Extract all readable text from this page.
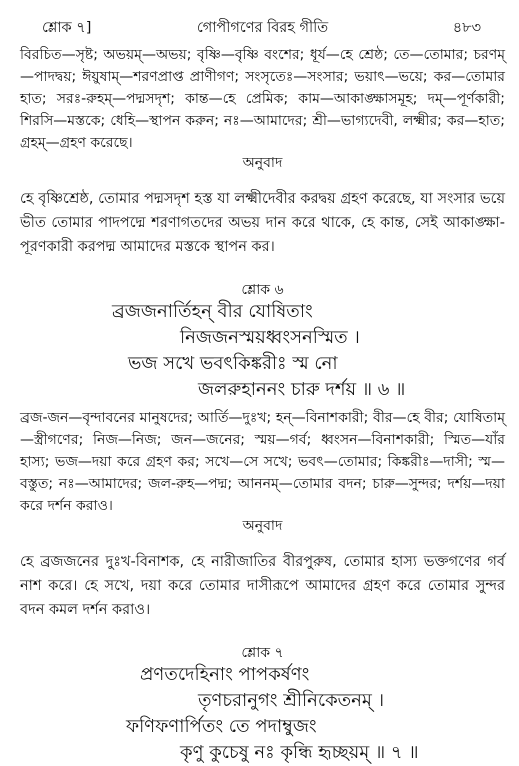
শ্লোক ৭]	গোপীগণের বিরহ গীতি	৪৮৩

বিরচিত—সৃষ্ট; অভয়ম্—অভয়; বৃষ্ণি—বৃষ্ণি বংশের; ধূর্য—হে শ্রেষ্ঠ; তে—তোমার; চরণম্—পাদদ্বয়; ঈয়ুষাম্—শরণপ্রাপ্ত প্রাণীগণ; সংসৃতেঃ—সংসার; ভয়াৎ—ভয়ে; কর—তোমার হাত; সরঃ-রুহম্—পদ্মসদৃশ; কান্ত—হে প্রেমিক; কাম—আকাঙ্ক্ষাসমূহ; দম্—পূর্ণকারী; শিরসি—মস্তকে; ধেহি—স্থাপন করুন; নঃ—আমাদের; শ্রী—ভাগ্যদেবী, লক্ষ্মীর; কর—হাত; গ্রহম্—গ্রহণ করেছে।

অনুবাদ

হে বৃষ্ণিশ্রেষ্ঠ, তোমার পদ্মসদৃশ হস্ত যা লক্ষ্মীদেবীর করদ্বয় গ্রহণ করেছে, যা সংসার ভয়ে ভীত তোমার পাদপদ্মে শরণাগতদের অভয় দান করে থাকে, হে কান্ত, সেই আকাঙ্ক্ষা-পূরণকারী করপদ্ম আমাদের মস্তকে স্থাপন কর।

শ্লোক ৬
ব্রজজনার্তিহন্ বীর যোষিতাং
নিজজনস্ময়ধ্বংসনস্মিত ।
ভজ সখে ভবৎকিঙ্করীঃ স্ম নো
জলরুহাননং চারু দর্শয় ॥ ৬ ॥

ব্রজ-জন—বৃন্দাবনের মানুষদের; আর্তি—দুঃখ; হন্—বিনাশকারী; বীর—হে বীর; যোষিতাম্—স্ত্রীগণের; নিজ—নিজ; জন—জনের; স্ময়—গর্ব; ধ্বংসন—বিনাশকারী; স্মিত—যাঁর হাস্য; ভজ—দয়া করে গ্রহণ কর; সখে—সে সখে; ভবৎ—তোমার; কিঙ্করীঃ—দাসী; স্ম—বস্তুত; নঃ—আমাদের; জল-রুহ—পদ্ম; আননম্—তোমার বদন; চারু—সুন্দর; দর্শয়—দয়া করে দর্শন করাও।

অনুবাদ

হে ব্রজজনের দুঃখ-বিনাশক, হে নারীজাতির বীরপুরুষ, তোমার হাস্য ভক্তগণের গর্ব নাশ করে। হে সখে, দয়া করে তোমার দাসীরূপে আমাদের গ্রহণ করে তোমার সুন্দর বদন কমল দর্শন করাও।

শ্লোক ৭
প্রণতদেহিনাং পাপকর্ষণং
তৃণচরানুগং শ্রীনিকেতনম্ ।
ফণিফণার্পিতং তে পদাম্বুজং
কৃণু কুচেষু নঃ কৃন্ধি হৃচ্ছয়ম্ ॥ ৭ ॥
